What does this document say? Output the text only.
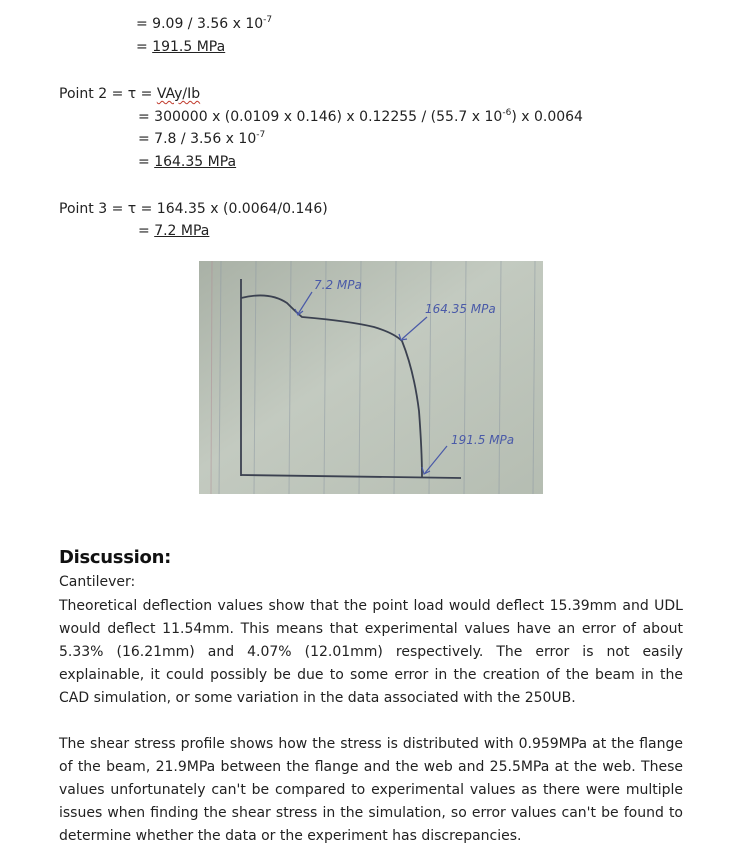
= 9.09 / 3.56 x $10^{-7}$
= 191.5 MPa
Point 2 = τ = VAy/Ib
= 300000 x (0.0109 x 0.146) x 0.12255 / (55.7 x $10^{-6}$) x 0.0064
= 7.8 / 3.56 x $10^{-7}$
= 164.35 MPa
Point 3 = τ = 164.35 x (0.0064/0.146)
= 7.2 MPa
7.2 MPa
164.35 MPa
191.5 MPa
Discussion:
Cantilever:
Theoretical deflection values show that the point load would deflect 15.39mm and UDL would deflect 11.54mm. This means that experimental values have an error of about 5.33% (16.21mm) and 4.07% (12.01mm) respectively. The error is not easily explainable, it could possibly be due to some error in the creation of the beam in the CAD simulation, or some variation in the data associated with the 250UB.
The shear stress profile shows how the stress is distributed with 0.959MPa at the flange of the beam, 21.9MPa between the flange and the web and 25.5MPa at the web. These values unfortunately can't be compared to experimental values as there were multiple issues when finding the shear stress in the simulation, so error values can't be found to determine whether the data or the experiment has discrepancies.
